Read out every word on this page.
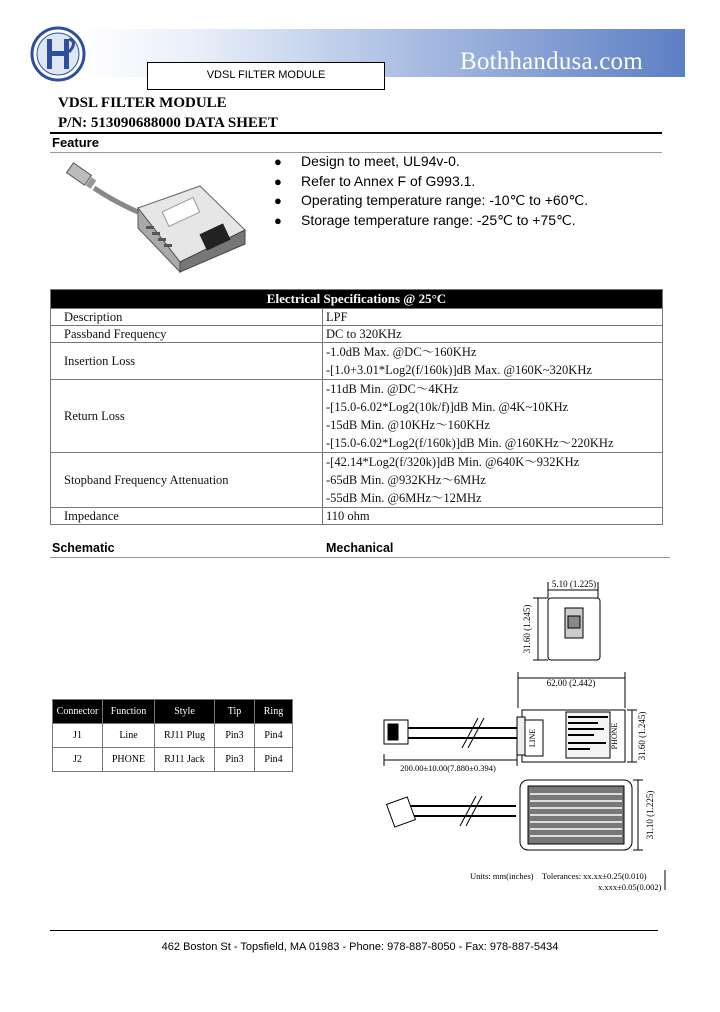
Bothhandusa.com
VDSL FILTER MODULE
VDSL FILTER MODULE
P/N: 513090688000 DATA SHEET
Feature
● Design to meet, UL94v-0.
● Refer to Annex F of G993.1.
● Operating temperature range: -10℃ to +60℃.
● Storage temperature range: -25℃ to +75℃.
Electrical Specifications @ 25°C	
Description	LPF
Passband Frequency	DC to 320KHz
Insertion Loss	-1.0dB Max. @DC～160KHz
-[1.0+3.01*Log2(f/160k)]dB Max. @160K~320KHz

Return Loss	-11dB Min. @DC～4KHz
-[15.0-6.02*Log2(10k/f)]dB Min. @4K~10KHz
-15dB Min. @10KHz～160KHz
-[15.0-6.02*Log2(f/160k)]dB Min. @160KHz～220KHz

Stopband Frequency Attenuation	-[42.14*Log2(f/320k)]dB Min. @640K～932KHz
-65dB Min. @932KHz～6MHz
-55dB Min. @6MHz～12MHz

Impedance	110 ohm
Schematic	Mechanical
Connector	Function	Style	Tip	Ring
J1	Line	RJ11 Plug	Pin3	Pin4
J2	PHONE	RJ11 Jack	Pin3	Pin4
5.10 (1.225)
31.60 (1.245)
62.00 (2.442)
LINE	PHONE 31.60 (1.245)
200.00±10.00(7.880±0.394)
31.10 (1.225)
Units: mm(inches) Tolerances: xx.xx±0.25(0.010)
x.xxx±0.05(0.002)
462 Boston St - Topsfield, MA 01983 - Phone: 978-887-8050 - Fax: 978-887-5434
